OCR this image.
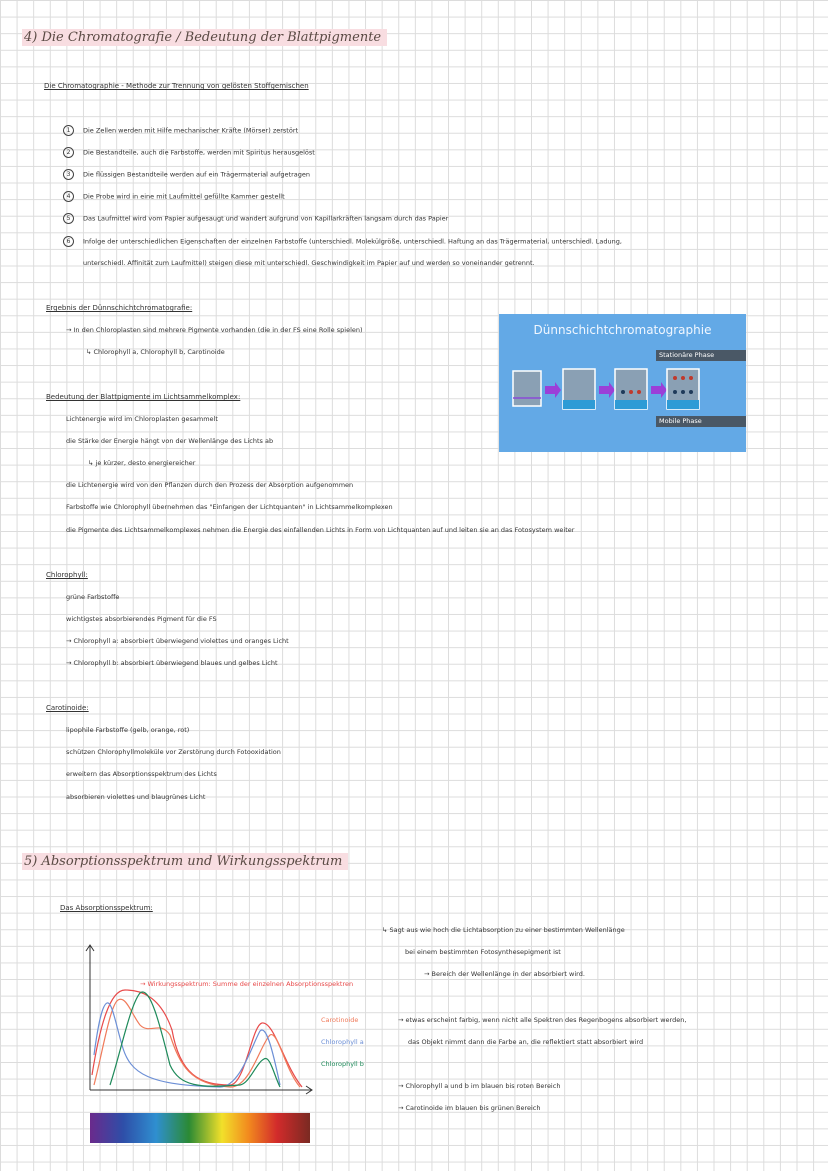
4) Die Chromatografie / Bedeutung der Blattpigmente
Die Chromatographie - Methode zur Trennung von gelösten Stoffgemischen
1 Die Zellen werden mit Hilfe mechanischer Kräfte (Mörser) zerstört
2 Die Bestandteile, auch die Farbstoffe, werden mit Spiritus herausgelöst
3 Die flüssigen Bestandteile werden auf ein Trägermaterial aufgetragen
4 Die Probe wird in eine mit Laufmittel gefüllte Kammer gestellt
5 Das Laufmittel wird vom Papier aufgesaugt und wandert aufgrund von Kapillarkräften langsam durch das Papier
6 Infolge der unterschiedlichen Eigenschaften der einzelnen Farbstoffe (unterschiedl. Molekülgröße, unterschiedl. Haftung an das Trägermaterial, unterschiedl. Ladung,
unterschiedl. Affinität zum Laufmittel) steigen diese mit unterschiedl. Geschwindigkeit im Papier auf und werden so voneinander getrennt.
Ergebnis der Dünnschichtchromatografie:
→ In den Chloroplasten sind mehrere Pigmente vorhanden (die in der FS eine Rolle spielen)
↳ Chlorophyll a, Chlorophyll b, Carotinoide
Dünnschichtchromatographie
Stationäre Phase
Mobile Phase
Bedeutung der Blattpigmente im Lichtsammelkomplex:
Lichtenergie wird im Chloroplasten gesammelt
die Stärke der Energie hängt von der Wellenlänge des Lichts ab
↳ je kürzer, desto energiereicher
die Lichtenergie wird von den Pflanzen durch den Prozess der Absorption aufgenommen
Farbstoffe wie Chlorophyll übernehmen das "Einfangen der Lichtquanten" in Lichtsammelkomplexen
die Pigmente des Lichtsammelkomplexes nehmen die Energie des einfallenden Lichts in Form von Lichtquanten auf und leiten sie an das Fotosystem weiter
Chlorophyll:
grüne Farbstoffe
wichtigstes absorbierendes Pigment für die FS
→ Chlorophyll a: absorbiert überwiegend violettes und oranges Licht
→ Chlorophyll b: absorbiert überwiegend blaues und gelbes Licht
Carotinoide:
lipophile Farbstoffe (gelb, orange, rot)
schützen Chlorophyllmoleküle vor Zerstörung durch Fotooxidation
erweitern das Absorptionsspektrum des Lichts
absorbieren violettes und blaugrünes Licht
5) Absorptionsspektrum und Wirkungsspektrum
Das Absorptionsspektrum:
→ Wirkungsspektrum: Summe der einzelnen Absorptionsspektren
Carotinoide
Chlorophyll a
Chlorophyll b
↳ Sagt aus wie hoch die Lichtabsorption zu einer bestimmten Wellenlänge
bei einem bestimmten Fotosynthesepigment ist
→ Bereich der Wellenlänge in der absorbiert wird.
→ etwas erscheint farbig, wenn nicht alle Spektren des Regenbogens absorbiert werden,
das Objekt nimmt dann die Farbe an, die reflektiert statt absorbiert wird
→ Chlorophyll a und b im blauen bis roten Bereich
→ Carotinoide im blauen bis grünen Bereich
